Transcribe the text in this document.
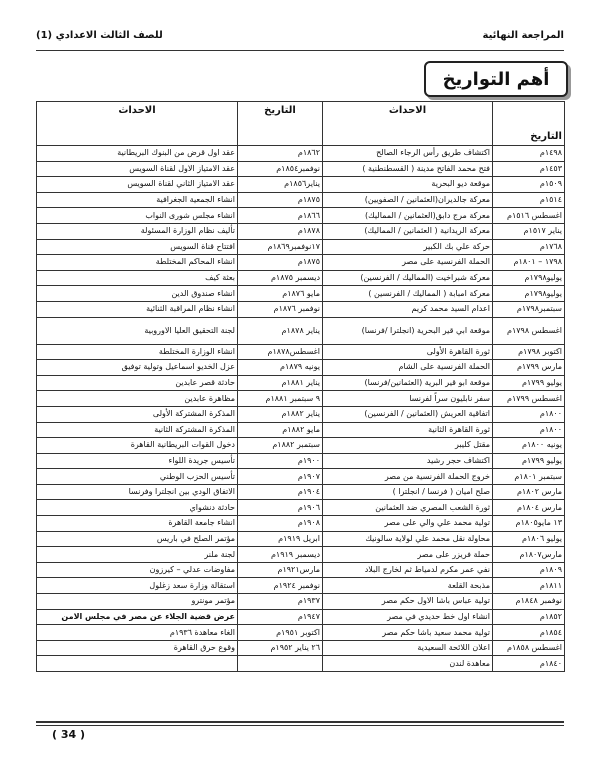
المراجعة النهائية
للصف الثالث الاعدادي (1)
أهم التواريخ
التاريخ	الاحداث	التاريخ	الاحداث
١٤٩٨م	اكتشاف طريق رأس الرجاء الصالح	١٨٦٢م	عقد اول قرض من البنوك البريطانية
١٤٥٣م	فتح محمد الفاتح مدينة ( القسطنطنية )	نوفمبر١٨٥٤م	عقد الامتياز الاول لقناة السويس
١٥٠٩م	موقعة ديو البحرية	يناير١٨٥٦م	عقد الامتياز الثاني لقناة السويس
١٥١٤م	معركة جالديران(العثمانين / الصفويين)	١٨٧٥م	انشاء الجمعية الجغرافية
اغسطس ١٥١٦م	معركة مرج دابق(العثمانين / المماليك)	١٨٦٦م	انشاء مجلس شورى النواب
يناير ١٥١٧م	معركة الريدانية ( العثمانين / المماليك)	١٨٧٨م	تأليف نظام الوزارة المسئولة
١٧٦٨م	حركة علي بك الكبير	١٧نوفمبر١٨٦٩م	افتتاح قناة السويس
١٧٩٨ – ١٨٠١م	الحملة الفرنسية على مصر	١٨٧٥م	انشاء المحاكم المختلطة
يوليو١٧٩٨م	معركة شبراخيت (المماليك / الفرنسين)	ديسمبر ١٨٧٥م	بعثة كيف
يوليو١٧٩٨م	معركة امبابة ( المماليك / الفرنسين )	مايو ١٨٧٦م	انشاء صندوق الدين
سبتمبر١٧٩٨م	اعدام السيد محمد كريم	نوفمبر ١٨٧٦م	انشاء نظام المراقبة الثنائية
اغسطس ١٧٩٨م	موقعة ابي قير البحرية (انجلترا /فرنسا)	يناير ١٨٧٨م	لجنة التحقيق العليا الاوروبية
اكتوبر ١٧٩٨م	ثورة القاهرة الأولى	اغسطس١٨٧٨م	انشاء الوزارة المختلطة
مارس ١٧٩٩م	الحملة الفرنسية على الشام	يونيه ١٨٧٩م	عزل الخديو اسماعيل وتولية توفيق
يوليو ١٧٩٩م	موقعة ابو قير البرية (العثمانين/فرنسا)	يناير ١٨٨١م	حادثة قصر عابدين
اغسطس ١٧٩٩م	سفر نابليون سراً لفرنسا	٩ سبتمبر ١٨٨١م	مظاهرة عابدين
١٨٠٠م	اتفاقية العريش (العثمانين / الفرنسين)	يناير ١٨٨٢م	المذكرة المشتركة الأولى
١٨٠٠م	ثورة القاهرة الثانية	مايو ١٨٨٢م	المذكرة المشتركة الثانية
يونيه ١٨٠٠م	مقتل كليبر	سبتمبر ١٨٨٢م	دخول القوات البريطانية القاهرة
يوليو ١٧٩٩م	اكتشاف حجر رشيد	١٩٠٠م	تأسيس جريدة اللواء
سبتمبر ١٨٠١م	خروج الحملة الفرنسية من مصر	١٩٠٧م	تأسيس الحزب الوطني
مارس ١٨٠٢م	صلح اميان ( فرنسا / انجلترا )	١٩٠٤م	الاتفاق الودي بين انجلترا وفرنسا
مارس ١٨٠٤م	ثورة الشعب المصري ضد العثمانين	١٩٠٦م	حادثة دنشواي
١٣ مايو١٨٠٥م	تولية محمد علي والي على مصر	١٩٠٨م	انشاء جامعة القاهرة
يوليو ١٨٠٦م	محاولة نقل محمد علي لولاية سالونيك	ابريل ١٩١٩م	مؤتمر الصلح في باريس
مارس١٨٠٧م	حملة فريزر على مصر	ديسمبر ١٩١٩م	لجنة ملنر
١٨٠٩م	نفي عمر مكرم لدمياط ثم لخارج البلاد	مارس١٩٢١م	مفاوضات عدلي – كيرزون
١٨١١م	مذبحة القلعة	نوفمبر ١٩٢٤م	استقالة وزارة سعد زغلول
نوفمبر ١٨٤٨م	تولية عباس باشا الاول حكم مصر	١٩٣٧م	مؤتمر مونترو
١٨٥٢م	انشاء اول خط حديدي في مصر	١٩٤٧م	عرض قضية الجلاء عن مصر في مجلس الامن
١٨٥٤م	تولية محمد سعيد باشا حكم مصر	اكتوبر ١٩٥١م	الغاء معاهدة ١٩٣٦م
اغسطس ١٨٥٨م	اعلان اللائحة السعيدية	٢٦ يناير ١٩٥٢م	وقوع حرق القاهرة
١٨٤٠م	معاهدة لندن		
( 34 )
